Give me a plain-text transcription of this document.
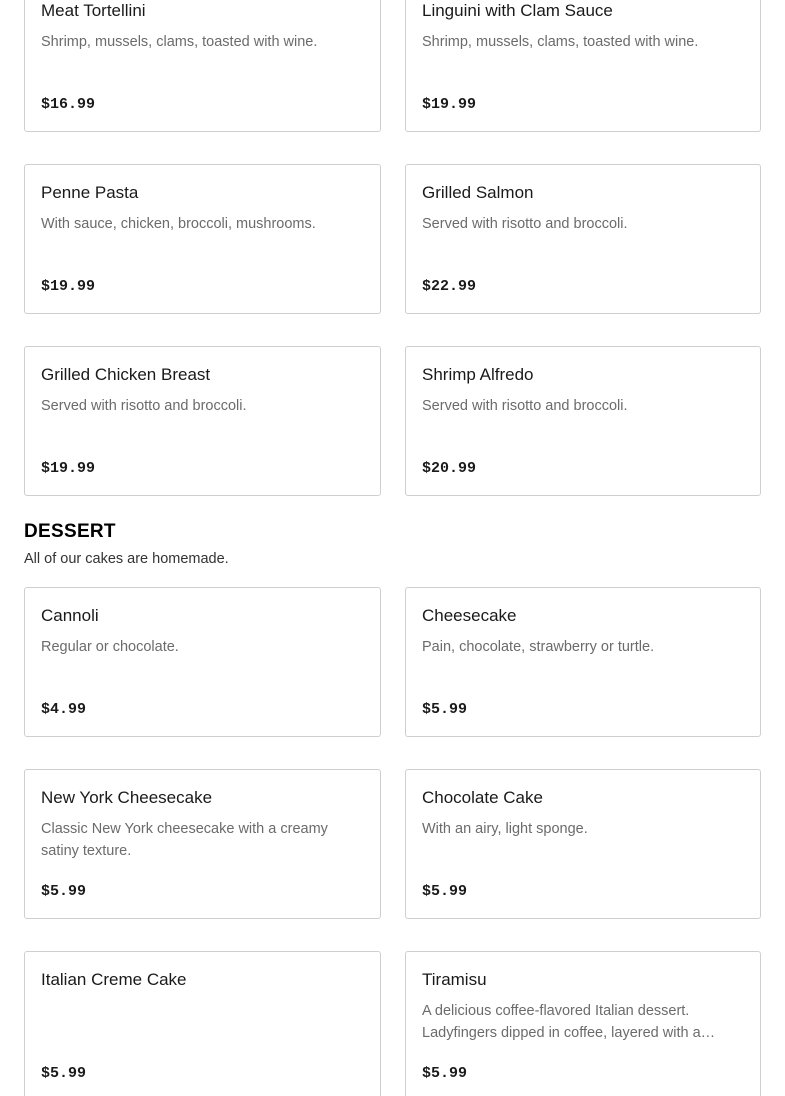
Meat Tortellini
Shrimp, mussels, clams, toasted with wine.
$16.99
Linguini with Clam Sauce
Shrimp, mussels, clams, toasted with wine.
$19.99
Penne Pasta
With sauce, chicken, broccoli, mushrooms.
$19.99
Grilled Salmon
Served with risotto and broccoli.
$22.99
Grilled Chicken Breast
Served with risotto and broccoli.
$19.99
Shrimp Alfredo
Served with risotto and broccoli.
$20.99
DESSERT

All of our cakes are homemade.

Cannoli
Regular or chocolate.
$4.99
Cheesecake
Pain, chocolate, strawberry or turtle.
$5.99
New York Cheesecake
Classic New York cheesecake with a creamy satiny texture.
$5.99
Chocolate Cake
With an airy, light sponge.
$5.99
Italian Creme Cake
$5.99
Tiramisu
A delicious coffee-flavored Italian dessert. Ladyfingers dipped in coffee, layered with a
$5.99
